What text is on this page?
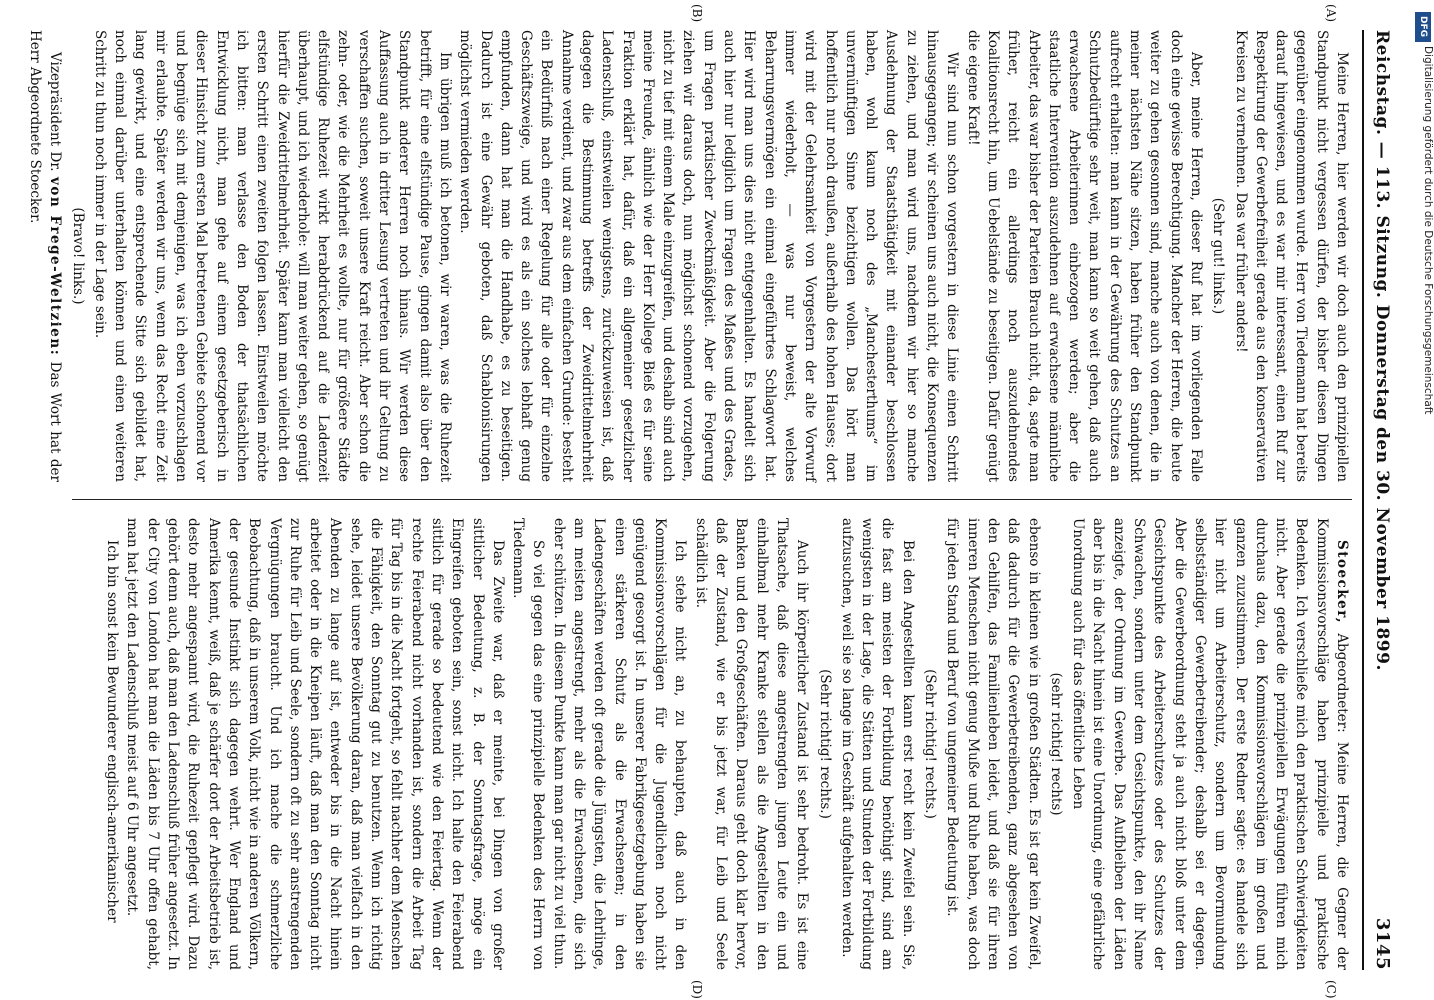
Reichstag. — 113. Sitzung. Donnerstag den 30. November 1899.
3145
(A)
(B)
(C)
(D)

Meine Herren, hier werden wir doch auch den prinzipiellen Standpunkt nicht vergessen dürfen, der bisher diesen Dingen gegenüber eingenommen wurde. Herr von Tiedemann hat bereits darauf hingewiesen, und es war mir interessant, einen Ruf zur Respektirung der Gewerbefreiheit gerade aus den konservativen Kreisen zu vernehmen. Das war früher anders!

(Sehr gut! links.)

Aber, meine Herren, dieser Ruf hat im vorliegenden Falle doch eine gewisse Berechtigung. Mancher der Herren, die heute weiter zu gehen gesonnen sind, manche auch von denen, die in meiner nächsten Nähe sitzen, haben früher den Standpunkt aufrecht erhalten: man kann in der Gewährung des Schutzes an Schutzbedürftige sehr weit, man kann so weit gehen, daß auch erwachsene Arbeiterinnen einbezogen werden; aber die staatliche Intervention auszudehnen auf erwachsene männliche Arbeiter, das war bisher der Parteien Brauch nicht, da, sagte man früher, reicht ein allerdings noch auszudehnendes Koalitionsrecht hin, um Uebelstände zu beseitigen. Dafür genügt die eigene Kraft!

Wir sind nun schon vorgestern in diese Linie einen Schritt hinausgegangen; wir scheinen uns auch nicht, die Konsequenzen zu ziehen, und man wird uns, nachdem wir hier so manche Ausdehnung der Staatsthätigkeit mit einander beschlossen haben, wohl kaum noch des „Manchesterthums“ im unvernünftigen Sinne bezichtigen wollen. Das hört man hoffentlich nur noch draußen, außerhalb des hohen Hauses; dort wird mit der Gelehrsamkeit von Vorgestern der alte Vorwurf immer wiederholt, — was nur beweist, welches Beharrungsvermögen ein einmal eingeführtes Schlagwort hat. Hier wird man uns dies nicht entgegenhalten. Es handelt sich auch hier nur lediglich um Fragen des Maßes und des Grades, um Fragen praktischer Zweckmäßigkeit. Aber die Folgerung ziehen wir daraus doch, nun möglichst schonend vorzugehen, nicht zu tief mit einem Male einzugreifen, und deshalb sind auch meine Freunde, ähnlich wie der Herr Kollege Bieß es für seine Fraktion erklärt hat, dafür, daß ein allgemeiner gesetzlicher Ladenschluß, einstweilen wenigstens, zurückzuweisen ist, daß dagegen die Bestimmung betreffs der Zweidrittelmehrheit Annahme verdient, und zwar aus dem einfachen Grunde: besteht ein Bedürfniß nach einer Regelung für alle oder für einzelne Geschäftszweige, und wird es als ein solches lebhaft genug empfunden, dann hat man die Handhabe, es zu beseitigen. Dadurch ist eine Gewähr geboten, daß Schablonisirungen möglichst vermieden werden.

Im übrigen muß ich betonen, wir waren, was die Ruhezeit betrifft, für eine elfstündige Pause, gingen damit also über den Standpunkt anderer Herren noch hinaus. Wir werden diese Auffassung auch in dritter Lesung vertreten und ihr Geltung zu verschaffen suchen, soweit unsere Kraft reicht. Aber schon die zehn- oder, wie die Mehrheit es wollte, nur für größere Städte elfstündige Ruhezeit wirkt herabdrückend auf die Ladenzeit überhaupt, und ich wiederhole: will man weiter gehen, so genügt hierfür die Zweidrittelmehrheit. Später kann man vielleicht den ersten Schritt einen zweiten folgen lassen. Einstweilen möchte ich bitten: man verlasse den Boden der thatsächlichen Entwicklung nicht, man gehe auf einem gesetzgeberisch in dieser Hinsicht zum ersten Mal betretenen Gebiete schonend vor und begnüge sich mit demjenigen, was ich eben vorzuschlagen mir erlaubte. Später werden wir uns, wenn das Recht eine Zeit lang gewirkt, und eine entsprechende Sitte sich gebildet hat, noch einmal darüber unterhalten können und einen weiteren Schritt zu thun noch immer in der Lage sein.

(Bravo! links.)

Vizepräsident Dr. von Frege-Weltzien: Das Wort hat der Herr Abgeordnete Stoecker.

Stoecker, Abgeordneter: Meine Herren, die Gegner der Kommissionsvorschläge haben prinzipielle und praktische Bedenken. Ich verschließe mich den praktischen Schwierigkeiten nicht. Aber gerade die prinzipiellen Erwägungen führen mich durchaus dazu, den Kommissionsvorschlägen im großen und ganzen zuzustimmen. Der erste Redner sagte: es handele sich hier nicht um Arbeiterschutz, sondern um Bevormundung selbstständiger Gewerbetreibender; deshalb sei er dagegen. Aber die Gewerbeordnung steht ja auch nicht bloß unter dem Gesichtspunkte des Arbeiterschutzes oder des Schutzes der Schwachen, sondern unter dem Gesichtspunkte, den ihr Name anzeigte, der Ordnung im Gewerbe. Das Aufbleiben der Läden aber bis in die Nacht hinein ist eine Unordnung, eine gefährliche Unordnung auch für das öffentliche Leben

(sehr richtig! rechts)

ebenso in kleinen wie in großen Städten. Es ist gar kein Zweifel, daß dadurch für die Gewerbetreibenden, ganz abgesehen von den Gehilfen, das Familienleben leidet, und daß sie für ihren inneren Menschen nicht genug Muße und Ruhe haben, was doch für jeden Stand und Beruf von ungemeiner Bedeutung ist.

(Sehr richtig! rechts.)

Bei den Angestellten kann erst recht kein Zweifel sein. Sie, die fast am meisten der Fortbildung benöthigt sind, sind am wenigsten in der Lage, die Stätten und Stunden der Fortbildung aufzusuchen, weil sie so lange im Geschäft aufgehalten werden.

(Sehr richtig! rechts.)

Auch ihr körperlicher Zustand ist sehr bedroht. Es ist eine Thatsache, daß diese angestrengten jungen Leute ein und einhalbmal mehr Kranke stellen als die Angestellten in den Banken und den Großgeschäften. Daraus geht doch klar hervor, daß der Zustand, wie er bis jetzt war, für Leib und Seele schädlich ist.

Ich stehe nicht an, zu behaupten, daß auch in den Kommissionsvorschlägen für die Jugendlichen noch nicht genügend gesorgt ist. In unserer Fabrikgesetzgebung haben sie einen stärkeren Schutz als die Erwachsenen; in den Ladengeschäften werden oft gerade die Jüngsten, die Lehrlinge, am meisten angestrengt, mehr als die Erwachsenen, die sich eher schützen. In diesem Punkte kann man gar nicht zu viel thun.

So viel gegen das eine prinzipielle Bedenken des Herrn von Tiedemann.

Das Zweite war, daß er meinte, bei Dingen von großer sittlicher Bedeutung, z. B. der Sonntagsfrage, möge ein Eingreifen geboten sein, sonst nicht. Ich halte den Feierabend sittlich für gerade so bedeutend wie den Feiertag. Wenn der rechte Feierabend nicht vorhanden ist, sondern die Arbeit Tag für Tag bis in die Nacht fortgeht, so fehlt nachher dem Menschen die Fähigkeit, den Sonntag gut zu benutzen. Wenn ich richtig sehe, leidet unsere Bevölkerung daran, daß man vielfach in den Abenden zu lange auf ist, entweder bis in die Nacht hinein arbeitet oder in die Kneipen läuft, daß man den Sonntag nicht zur Ruhe für Leib und Seele, sondern oft zu sehr anstrengenden Vergnügungen braucht. Und ich mache die schmerzliche Beobachtung, daß in unserem Volk, nicht wie in anderen Völkern, der gesunde Instinkt sich dagegen wehrt. Wer England und Amerika kennt, weiß, daß je schärfer dort der Arbeitsbetrieb ist, desto mehr angespannt wird, die Ruhezeit gepflegt wird. Dazu gehört denn auch, daß man den Ladenschluß früher angesetzt. In der City von London hat man die Läden bis 7 Uhr offen gehabt, man hat jetzt den Ladenschluß meist auf 6 Uhr angesetzt.

Ich bin sonst kein Bewunderer englisch-amerikanischer

DFG
Digitalisierung gefördert durch die Deutsche Forschungsgemeinschaft
